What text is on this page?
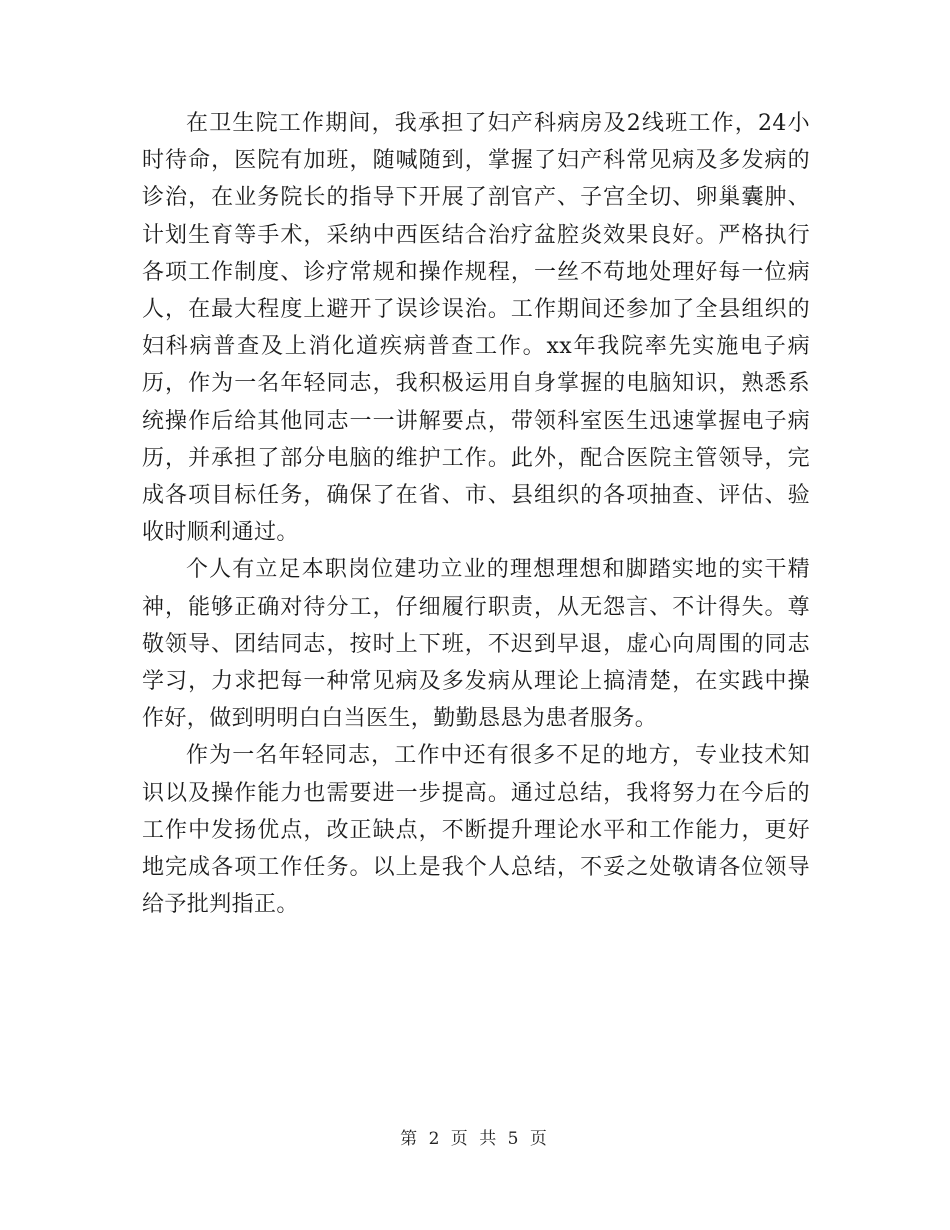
在卫生院工作期间，我承担了妇产科病房及2线班工作，24小时待命，医院有加班，随喊随到，掌握了妇产科常见病及多发病的诊治，在业务院长的指导下开展了剖官产、子宫全切、卵巢囊肿、计划生育等手术，采纳中西医结合治疗盆腔炎效果良好。严格执行各项工作制度、诊疗常规和操作规程，一丝不苟地处理好每一位病人，在最大程度上避开了误诊误治。工作期间还参加了全县组织的妇科病普查及上消化道疾病普查工作。xx年我院率先实施电子病历，作为一名年轻同志，我积极运用自身掌握的电脑知识，熟悉系统操作后给其他同志一一讲解要点，带领科室医生迅速掌握电子病历，并承担了部分电脑的维护工作。此外，配合医院主管领导，完成各项目标任务，确保了在省、市、县组织的各项抽查、评估、验收时顺利通过。

个人有立足本职岗位建功立业的理想理想和脚踏实地的实干精神，能够正确对待分工，仔细履行职责，从无怨言、不计得失。尊敬领导、团结同志，按时上下班，不迟到早退，虚心向周围的同志学习，力求把每一种常见病及多发病从理论上搞清楚，在实践中操作好，做到明明白白当医生，勤勤恳恳为患者服务。

作为一名年轻同志，工作中还有很多不足的地方，专业技术知识以及操作能力也需要进一步提高。通过总结，我将努力在今后的工作中发扬优点，改正缺点，不断提升理论水平和工作能力，更好地完成各项工作任务。以上是我个人总结，不妥之处敬请各位领导给予批判指正。

第 2 页 共 5 页
